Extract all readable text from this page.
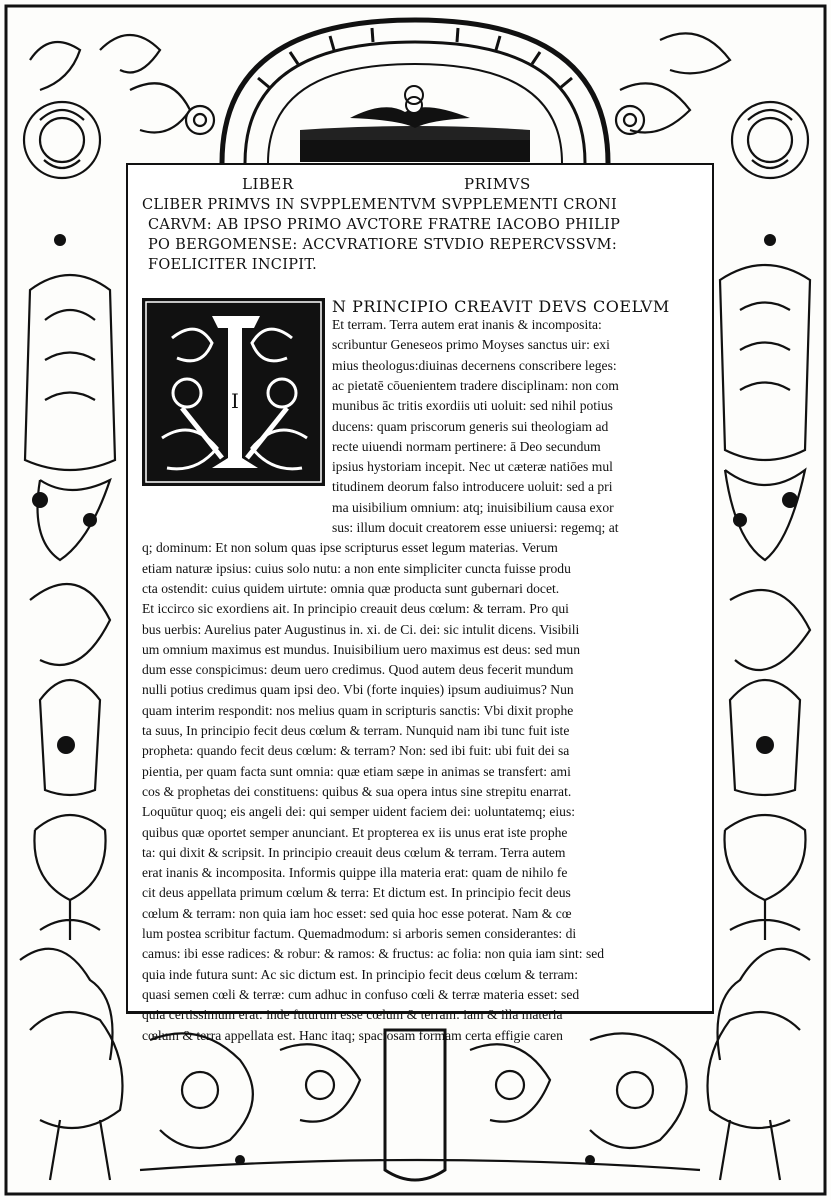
LIBER	PRIMVS
CLIBER PRIMVS IN SVPPLEMENTVM SVPPLEMENTI CRONI
CARVM: AB IPSO PRIMO AVCTORE FRATRE IACOBO PHILIP
PO BERGOMENSE: ACCVRATIORE STVDIO REPERCVSSVM:
FOELICITER INCIPIT.
I
N PRINCIPIO CREAVIT DEVS COELVM
Et terram. Terra autem erat inanis & incomposita:
scribuntur Geneseos primo Moyses sanctus uir: exi
mius theologus:diuinas decernens conscribere leges:
ac pietatē cōuenientem tradere disciplinam: non com
munibus āc tritis exordiis uti uoluit: sed nihil potius
ducens: quam priscorum generis sui theologiam ad
recte uiuendi normam pertinere: ā Deo secundum
ipsius hystoriam incepit. Nec ut cæteræ natiōes mul
titudinem deorum falso introducere uoluit: sed a pri
ma uisibilium omnium: atq; inuisibilium causa exor
sus: illum docuit creatorem esse uniuersi: regemq; at
q; dominum: Et non solum quas ipse scripturus esset legum materias. Verum
etiam naturæ ipsius: cuius solo nutu: a non ente simpliciter cuncta fuisse produ
cta ostendit: cuius quidem uirtute: omnia quæ producta sunt gubernari docet.
Et iccirco sic exordiens ait. In principio creauit deus cœlum: & terram. Pro qui
bus uerbis: Aurelius pater Augustinus in. xi. de Ci. dei: sic intulit dicens. Visibili
um omnium maximus est mundus. Inuisibilium uero maximus est deus: sed mun
dum esse conspicimus: deum uero credimus. Quod autem deus fecerit mundum
nulli potius credimus quam ipsi deo. Vbi (forte inquies) ipsum audiuimus? Nun
quam interim respondit: nos melius quam in scripturis sanctis: Vbi dixit prophe
ta suus, In principio fecit deus cœlum & terram. Nunquid nam ibi tunc fuit iste
propheta: quando fecit deus cœlum: & terram? Non: sed ibi fuit: ubi fuit dei sa
pientia, per quam facta sunt omnia: quæ etiam sæpe in animas se transfert: ami
cos & prophetas dei constituens: quibus & sua opera intus sine strepitu enarrat.
Loquūtur quoq; eis angeli dei: qui semper uident faciem dei: uoluntatemq; eius:
quibus quæ oportet semper anunciant. Et propterea ex iis unus erat iste prophe
ta: qui dixit & scripsit. In principio creauit deus cœlum & terram. Terra autem
erat inanis & incomposita. Informis quippe illa materia erat: quam de nihilo fe
cit deus appellata primum cœlum & terra: Et dictum est. In principio fecit deus
cœlum & terram: non quia iam hoc esset: sed quia hoc esse poterat. Nam & cœ
lum postea scribitur factum. Quemadmodum: si arboris semen considerantes: di
camus: ibi esse radices: & robur: & ramos: & fructus: ac folia: non quia iam sint: sed
quia inde futura sunt: Ac sic dictum est. In principio fecit deus cœlum & terram:
quasi semen cœli & terræ: cum adhuc in confuso cœli & terræ materia esset: sed
quia certissimum erat: inde futurum esse cœlum & terram: iam & illa materia
cœlum & terra appellata est. Hanc itaq; spaciosam formam certa effigie caren
